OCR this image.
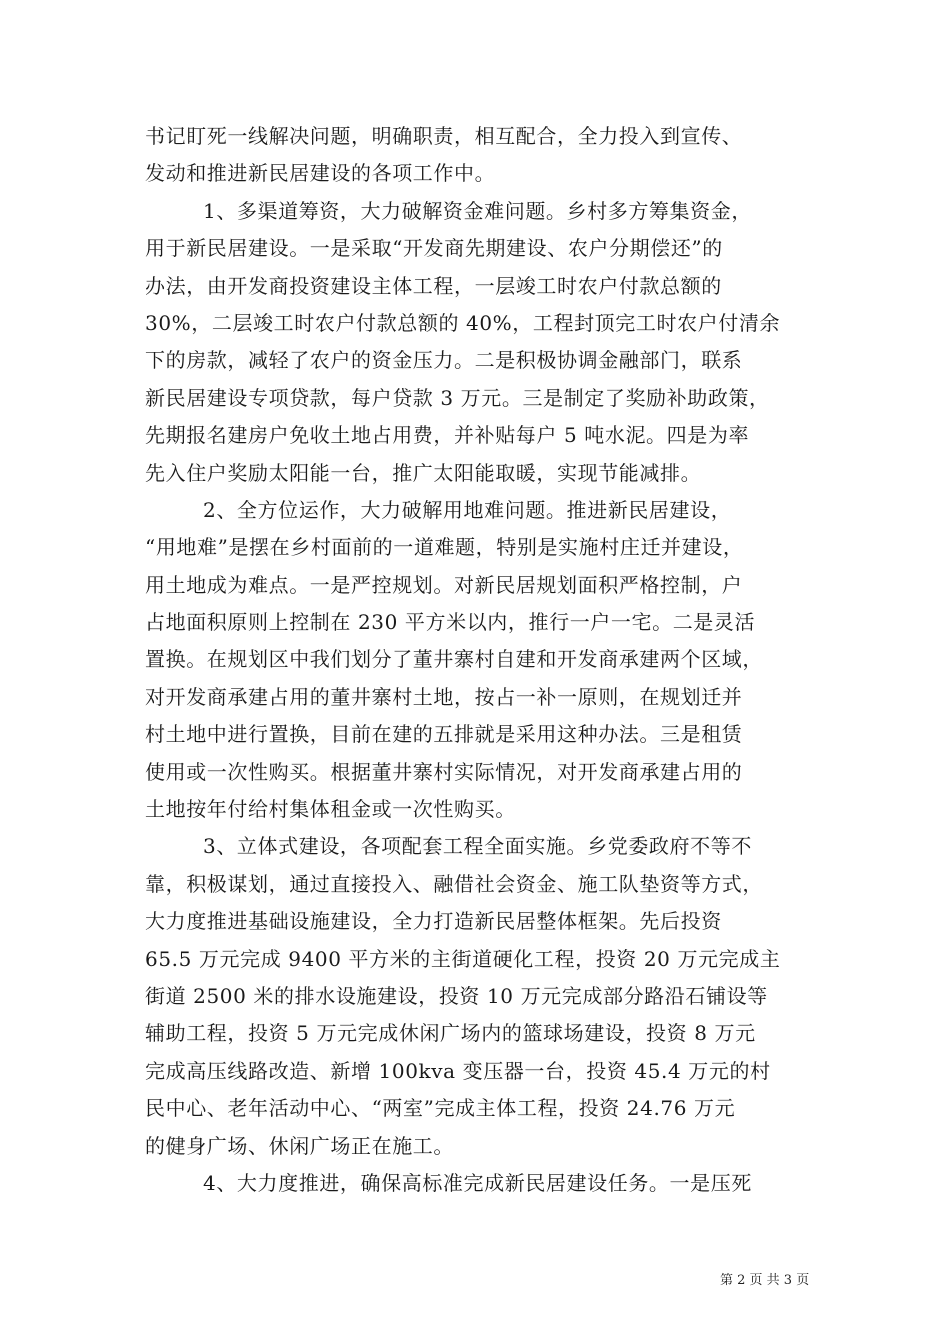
书记盯死一线解决问题，明确职责，相互配合，全力投入到宣传、
发动和推进新民居建设的各项工作中。
1、多渠道筹资，大力破解资金难问题。乡村多方筹集资金，
用于新民居建设。一是采取“开发商先期建设、农户分期偿还”的
办法，由开发商投资建设主体工程，一层竣工时农户付款总额的
30%，二层竣工时农户付款总额的 40%，工程封顶完工时农户付清余
下的房款，减轻了农户的资金压力。二是积极协调金融部门，联系
新民居建设专项贷款，每户贷款 3 万元。三是制定了奖励补助政策，
先期报名建房户免收土地占用费，并补贴每户 5 吨水泥。四是为率
先入住户奖励太阳能一台，推广太阳能取暖，实现节能减排。
2、全方位运作，大力破解用地难问题。推进新民居建设，
“用地难”是摆在乡村面前的一道难题，特别是实施村庄迁并建设，
用土地成为难点。一是严控规划。对新民居规划面积严格控制，户
占地面积原则上控制在 230 平方米以内，推行一户一宅。二是灵活
置换。在规划区中我们划分了董井寨村自建和开发商承建两个区域，
对开发商承建占用的董井寨村土地，按占一补一原则，在规划迁并
村土地中进行置换，目前在建的五排就是采用这种办法。三是租赁
使用或一次性购买。根据董井寨村实际情况，对开发商承建占用的
土地按年付给村集体租金或一次性购买。
3、立体式建设，各项配套工程全面实施。乡党委政府不等不
靠，积极谋划，通过直接投入、融借社会资金、施工队垫资等方式，
大力度推进基础设施建设，全力打造新民居整体框架。先后投资
65.5 万元完成 9400 平方米的主街道硬化工程，投资 20 万元完成主
街道 2500 米的排水设施建设，投资 10 万元完成部分路沿石铺设等
辅助工程，投资 5 万元完成休闲广场内的篮球场建设，投资 8 万元
完成高压线路改造、新增 100kva 变压器一台，投资 45.4 万元的村
民中心、老年活动中心、“两室”完成主体工程，投资 24.76 万元
的健身广场、休闲广场正在施工。
4、大力度推进，确保高标准完成新民居建设任务。一是压死
第 2 页 共 3 页
